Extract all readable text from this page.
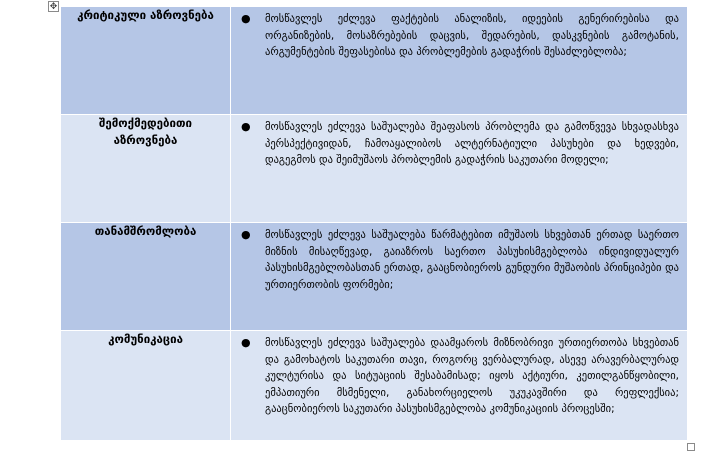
✥
კრიტიკული აზროვნება	● მოსწავლეს ეძლევა ფაქტების ანალიზის, იდეების გენერირებისა და ორგანიზების, მოსაზრებების დაცვის, შედარების, დასკვნების გამოტანის, არგუმენტების შეფასებისა და პრობლემების გადაჭრის შესაძლებლობა;

შემოქმედებითი აზროვნება	● მოსწავლეს ეძლევა საშუალება შეაფასოს პრობლემა და გამოწვევა სხვადასხვა პერსპექტივიდან, ჩამოაყალიბოს ალტერნატიული პასუხები და ხედვები, დაგეგმოს და შეიმუშაოს პრობლემის გადაჭრის საკუთარი მოდელი;

თანამშრომლობა	● მოსწავლეს ეძლევა საშუალება წარმატებით იმუშაოს სხვებთან ერთად საერთო მიზნის მისაღწევად, გაიაზროს საერთო პასუხისმგებლობა ინდივიდუალურ პასუხისმგებლობასთან ერთად, გააცნობიეროს გუნდური მუშაობის პრინციპები და ურთიერთობის ფორმები;

კომუნიკაცია	● მოსწავლეს ეძლევა საშუალება დაამყაროს მიზნობრივი ურთიერთობა სხვებთან და გამოხატოს საკუთარი თავი, როგორც ვერბალურად, ასევე არავერბალურად კულტურისა და სიტუაციის შესაბამისად; იყოს აქტიური, კეთილგანწყობილი, ემპათიური მსმენელი, განახორციელოს უკუკავშირი და რეფლექსია; გააცნობიეროს საკუთარი პასუხისმგებლობა კომუნიკაციის პროცესში;
